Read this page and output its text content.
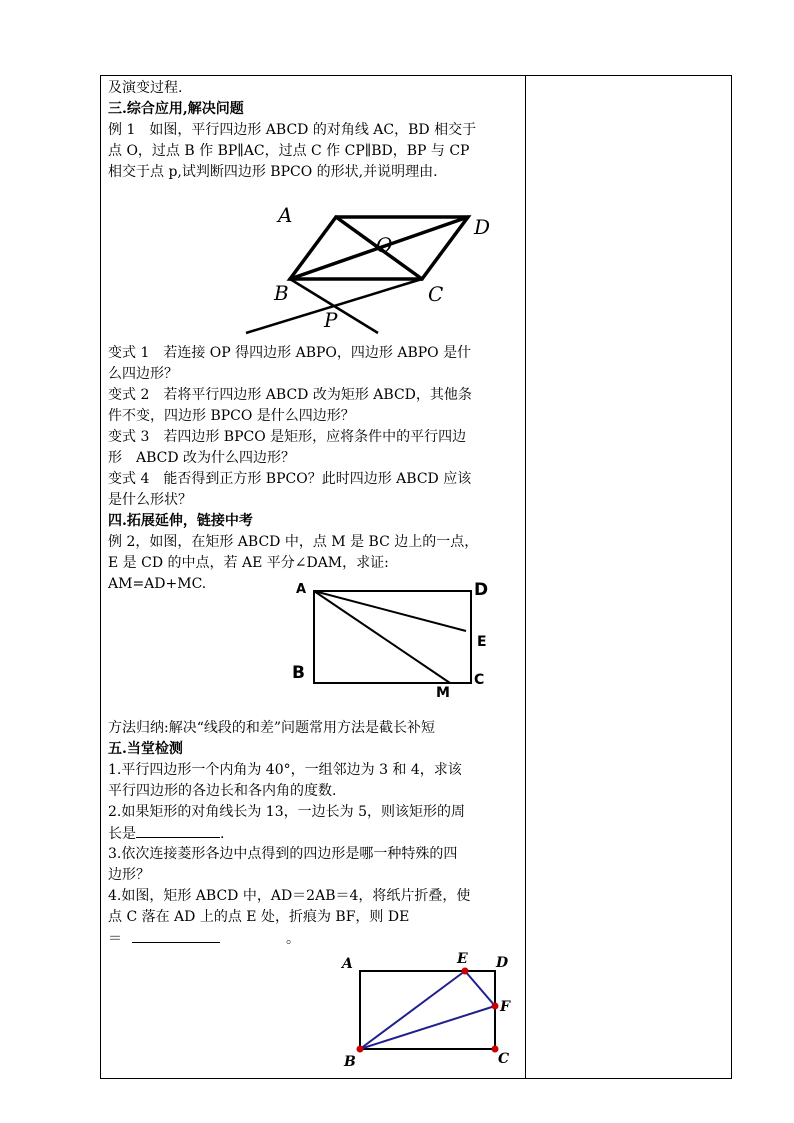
及演变过程.
三.综合应用,解决问题
例 1　如图，平行四边形 ABCD 的对角线 AC，BD 相交于
点 O，过点 B 作 BP∥AC，过点 C 作 CP∥BD，BP 与 CP
相交于点 p,试判断四边形 BPCO 的形状,并说明理由.
变式 1　若连接 OP 得四边形 ABPO，四边形 ABPO 是什
么四边形？
变式 2　若将平行四边形 ABCD 改为矩形 ABCD，其他条
件不变，四边形 BPCO 是什么四边形？
变式 3　若四边形 BPCO 是矩形，应将条件中的平行四边
形　ABCD 改为什么四边形？
变式 4　能否得到正方形 BPCO？此时四边形 ABCD 应该
是什么形状？
四.拓展延伸，链接中考
例 2，如图，在矩形 ABCD 中，点 M 是 BC 边上的一点，
E 是 CD 的中点，若 AE 平分∠DAM，求证:
AM=AD+MC.
方法归纳:解决“线段的和差”问题常用方法是截长补短
五.当堂检测
1.平行四边形一个内角为 40°，一组邻边为 3 和 4，求该
平行四边形的各边长和各内角的度数.
2.如果矩形的对角线长为 13，一边长为 5，则该矩形的周
长是	.
3.依次连接菱形各边中点得到的四边形是哪一种特殊的四
边形？
4.如图，矩形 ABCD 中，AD＝2AB＝4，将纸片折叠，使
点 C 落在 AD 上的点 E 处，折痕为 BF，则 DE
＝	。
A	D
O
B	C
P
A	D
E
B
M
C
A	E D
F
B	C
